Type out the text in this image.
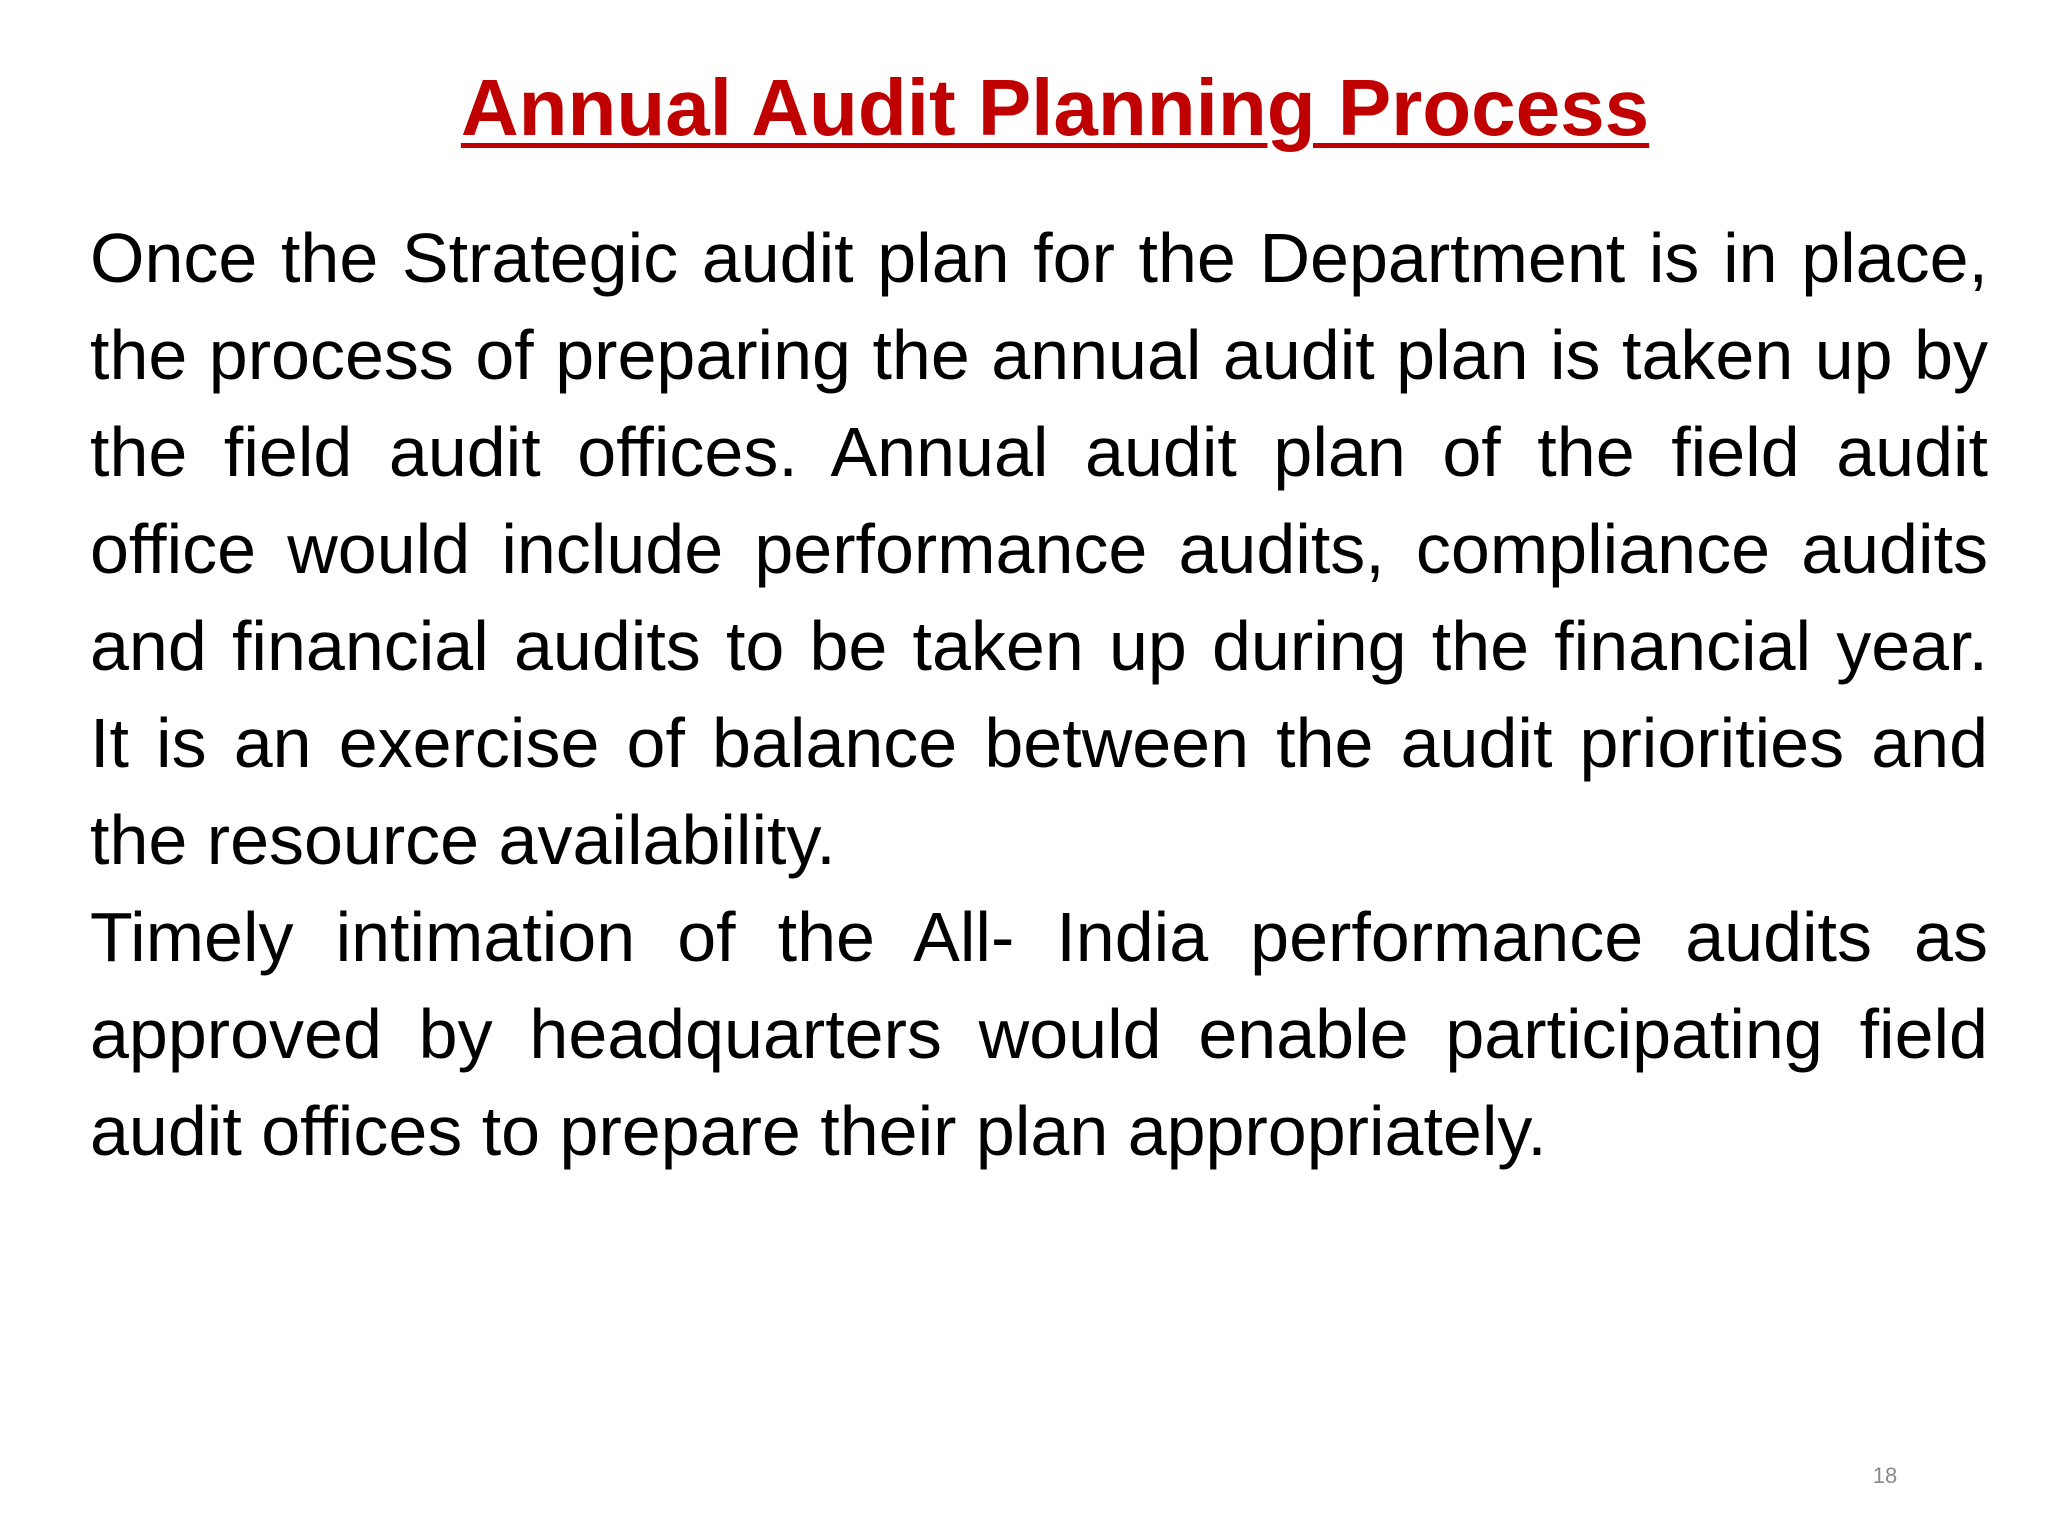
Annual Audit Planning Process

Once the Strategic audit plan for the Department is in place, the process of preparing the annual audit plan is taken up by the field audit offices. Annual audit plan of the field audit office would include performance audits, compliance audits and financial audits to be taken up during the financial year. It is an exercise of balance between the audit priorities and the resource availability.

Timely intimation of the All- India performance audits as approved by headquarters would enable participating field audit offices to prepare their plan appropriately.

18
